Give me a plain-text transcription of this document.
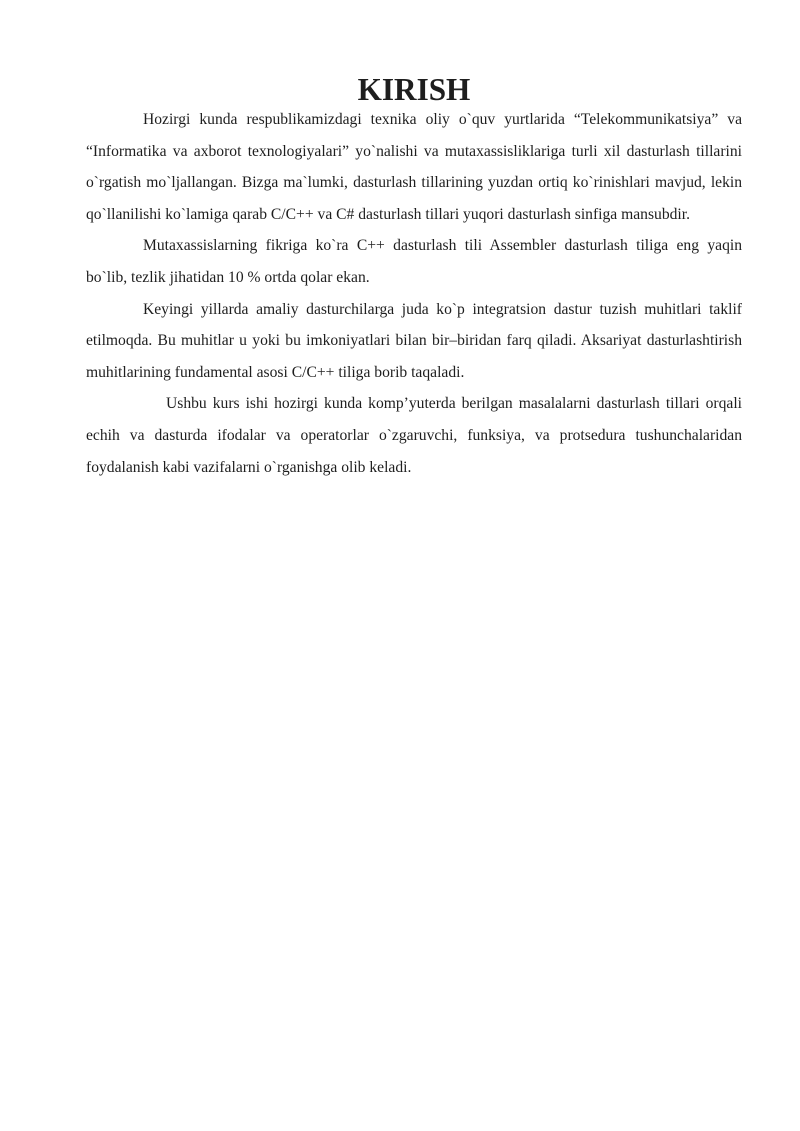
KIRISH

Hozirgi kunda respublikamizdagi texnika oliy o`quv yurtlarida “Telekommunikatsiya” va “Informatika va axborot texnologiyalari” yo`nalishi va mutaxassisliklariga turli xil dasturlash tillarini o`rgatish mo`ljallangan. Bizga ma`lumki, dasturlash tillarining yuzdan ortiq ko`rinishlari mavjud, lekin qo`llanilishi ko`lamiga qarab C/C++ va C# dasturlash tillari yuqori dasturlash sinfiga mansubdir.

Mutaxassislarning fikriga ko`ra C++ dasturlash tili Assembler dasturlash tiliga eng yaqin bo`lib, tezlik jihatidan 10 % ortda qolar ekan.

Keyingi yillarda amaliy dasturchilarga juda ko`p integratsion dastur tuzish muhitlari taklif etilmoqda. Bu muhitlar u yoki bu imkoniyatlari bilan bir–biridan farq qiladi. Aksariyat dasturlashtirish muhitlarining fundamental asosi C/C++ tiliga borib taqaladi.

Ushbu kurs ishi hozirgi kunda komp’yuterda berilgan masalalarni dasturlash tillari orqali echih va dasturda ifodalar va operatorlar o`zgaruvchi, funksiya, va protsedura tushunchalaridan foydalanish kabi vazifalarni o`rganishga olib keladi.
